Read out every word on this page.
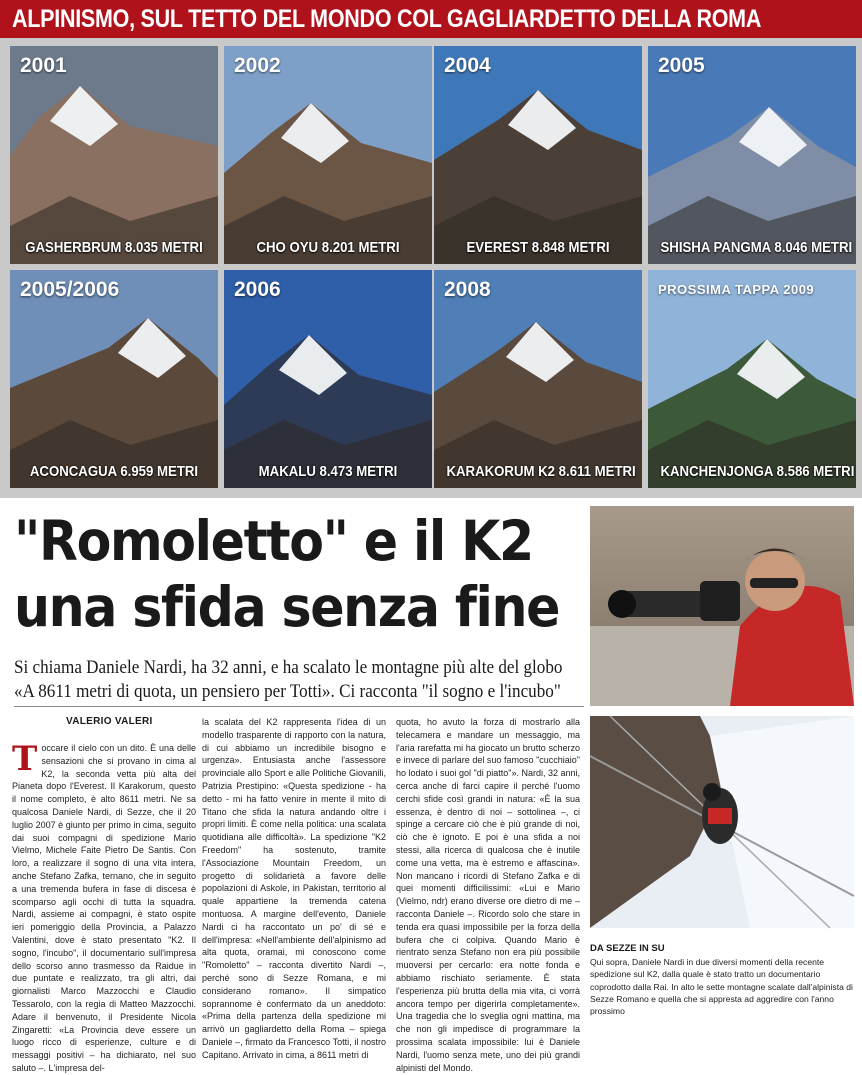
ALPINISMO, SUL TETTO DEL MONDO COL GAGLIARDETTO DELLA ROMA
2001
GASHERBRUM 8.035 METRI
2002
CHO OYU 8.201 METRI
2004
EVEREST 8.848 METRI
2005
SHISHA PANGMA 8.046 METRI
2005/2006
ACONCAGUA 6.959 METRI
2006
MAKALU 8.473 METRI
2008
KARAKORUM K2 8.611 METRI
PROSSIMA TAPPA 2009
KANCHENJONGA 8.586 METRI
"Romoletto" e il K2
una sfida senza fine
Si chiama Daniele Nardi, ha 32 anni, e ha scalato le montagne più alte del globo
«A 8611 metri di quota, un pensiero per Totti». Ci racconta "il sogno e l'incubo"
VALERIO VALERI
Toccare il cielo con un dito. È una delle sensazioni che si provano in cima al K2, la seconda vetta più alta del Pianeta dopo l'Everest. Il Karakorum, questo il nome completo, è alto 8611 metri. Ne sa qualcosa Daniele Nardi, di Sezze, che il 20 luglio 2007 è giunto per primo in cima, seguito dai suoi compagni di spedizione Mario Vielmo, Michele Faite Pietro De Santis. Con loro, a realizzare il sogno di una vita intera, anche Stefano Zafka, ternano, che in seguito a una tremenda bufera in fase di discesa è scomparso agli occhi di tutta la squadra. Nardi, assieme ai compagni, è stato ospite ieri pomeriggio della Provincia, a Palazzo Valentini, dove è stato presentato "K2. Il sogno, l'incubo", il documentario sull'impresa dello scorso anno trasmesso da Raidue in due puntate e realizzato, tra gli altri, dai giornalisti Marco Mazzocchi e Claudio Tessarolo, con la regia di Matteo Mazzocchi. Adare il benvenuto, il Presidente Nicola Zingaretti: «La Provincia deve essere un luogo ricco di esperienze, culture e di messaggi positivi – ha dichiarato, nel suo saluto –. L'impresa del-
la scalata del K2 rappresenta l'idea di un modello trasparente di rapporto con la natura, di cui abbiamo un incredibile bisogno e urgenza». Entusiasta anche l'assessore provinciale allo Sport e alle Politiche Giovanili, Patrizia Prestipino: «Questa spedizione - ha detto - mi ha fatto venire in mente il mito di Titano che sfida la natura andando oltre i propri limiti. È come nella politica: una scalata quotidiana alle difficoltà». La spedizione "K2 Freedom" ha sostenuto, tramite l'Associazione Mountain Freedom, un progetto di solidarietà a favore delle popolazioni di Askole, in Pakistan, territorio al quale appartiene la tremenda catena montuosa. A margine dell'evento, Daniele Nardi ci ha raccontato un po' di sé e dell'impresa: «Nell'ambiente dell'alpinismo ad alta quota, oramai, mi conoscono come "Romoletto" – racconta divertito Nardi –, perché sono di Sezze Romana, e mi considerano romano». Il simpatico soprannome è confermato da un aneddoto: «Prima della partenza della spedizione mi arrivò un gagliardetto della Roma – spiega Daniele –, firmato da Francesco Totti, il nostro Capitano. Arrivato in cima, a 8611 metri di
quota, ho avuto la forza di mostrarlo alla telecamera e mandare un messaggio, ma l'aria rarefatta mi ha giocato un brutto scherzo e invece di parlare del suo famoso "cucchiaio" ho lodato i suoi gol "di piatto"». Nardi, 32 anni, cerca anche di farci capire il perché l'uomo cerchi sfide così grandi in natura: «È la sua essenza, è dentro di noi – sottolinea –, ci spinge a cercare ciò che è più grande di noi, ciò che è ignoto. E poi è una sfida a noi stessi, alla ricerca di qualcosa che è inutile come una vetta, ma è estremo e affascina». Non mancano i ricordi di Stefano Zafka e di quei momenti difficilissimi: «Lui e Mario (Vielmo, ndr) erano diverse ore dietro di me – racconta Daniele –. Ricordo solo che stare in tenda era quasi impossibile per la forza della bufera che ci colpiva. Quando Mario è rientrato senza Stefano non era più possibile muoversi per cercarlo: era notte fonda e abbiamo rischiato seriamente. È stata l'esperienza più brutta della mia vita, ci vorrà ancora tempo per digerirla completamente». Una tragedia che lo sveglia ogni mattina, ma che non gli impedisce di programmare la prossima scalata impossibile: lui è Daniele Nardi, l'uomo senza mete, uno dei più grandi alpinisti del Mondo.
DA SEZZE IN SU
Qui sopra, Daniele Nardi in due diversi momenti della recente spedizione sul K2, dalla quale è stato tratto un documentario coprodotto dalla Rai. In alto le sette montagne scalate dall'alpinista di Sezze Romano e quella che si appresta ad aggredire con l'anno prossimo
